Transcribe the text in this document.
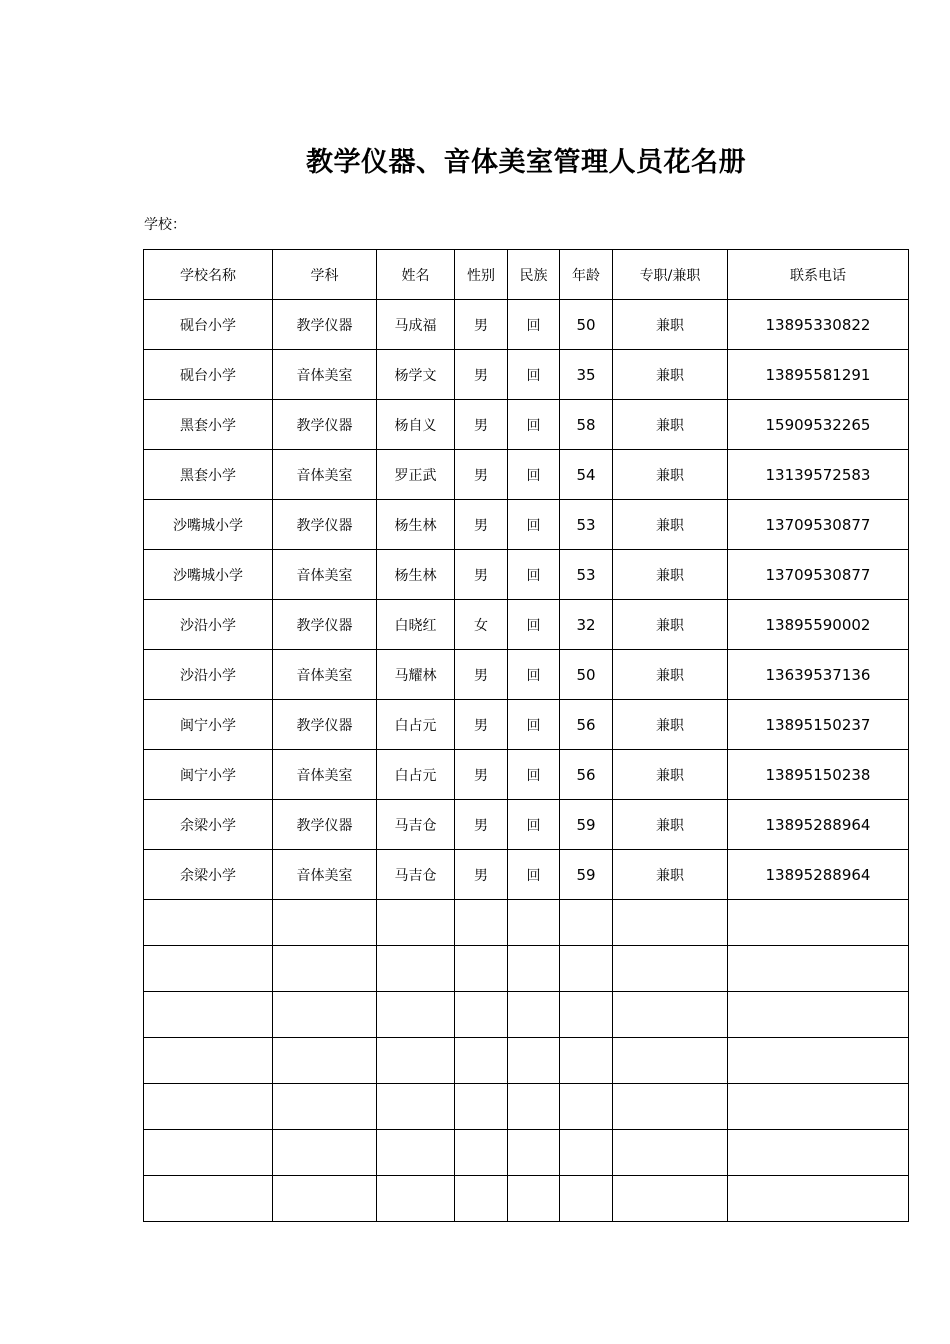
教学仪器、音体美室管理人员花名册
学校：
学校名称	学科	姓名	性别	民族	年龄	专职/兼职	联系电话
砚台小学	教学仪器	马成福	男	回	50	兼职	13895330822
砚台小学	音体美室	杨学文	男	回	35	兼职	13895581291
黑套小学	教学仪器	杨自义	男	回	58	兼职	15909532265
黑套小学	音体美室	罗正武	男	回	54	兼职	13139572583
沙嘴城小学	教学仪器	杨生林	男	回	53	兼职	13709530877
沙嘴城小学	音体美室	杨生林	男	回	53	兼职	13709530877
沙沿小学	教学仪器	白晓红	女	回	32	兼职	13895590002
沙沿小学	音体美室	马耀林	男	回	50	兼职	13639537136
闽宁小学	教学仪器	白占元	男	回	56	兼职	13895150237
闽宁小学	音体美室	白占元	男	回	56	兼职	13895150238
余梁小学	教学仪器	马吉仓	男	回	59	兼职	13895288964
余梁小学	音体美室	马吉仓	男	回	59	兼职	13895288964
